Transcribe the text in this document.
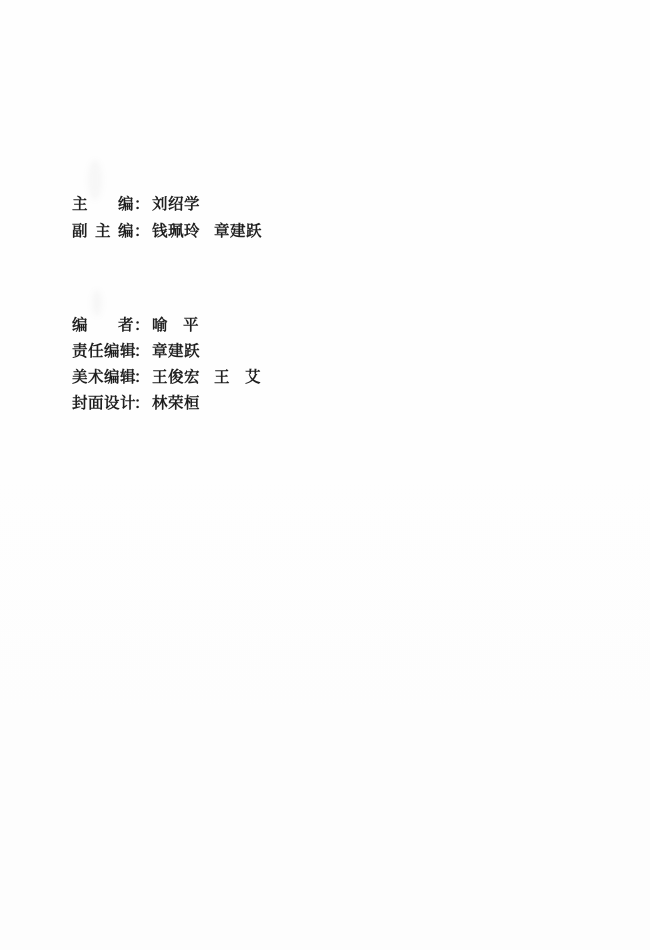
主 编 ： 刘绍学
副 主 编 ： 钱珮玲 章建跃
编 者 ： 喻 平
责 任 编 辑
： 章建跃
美 术 编 辑
： 王俊宏 王 艾
封 面 设 计
： 林荣桓
